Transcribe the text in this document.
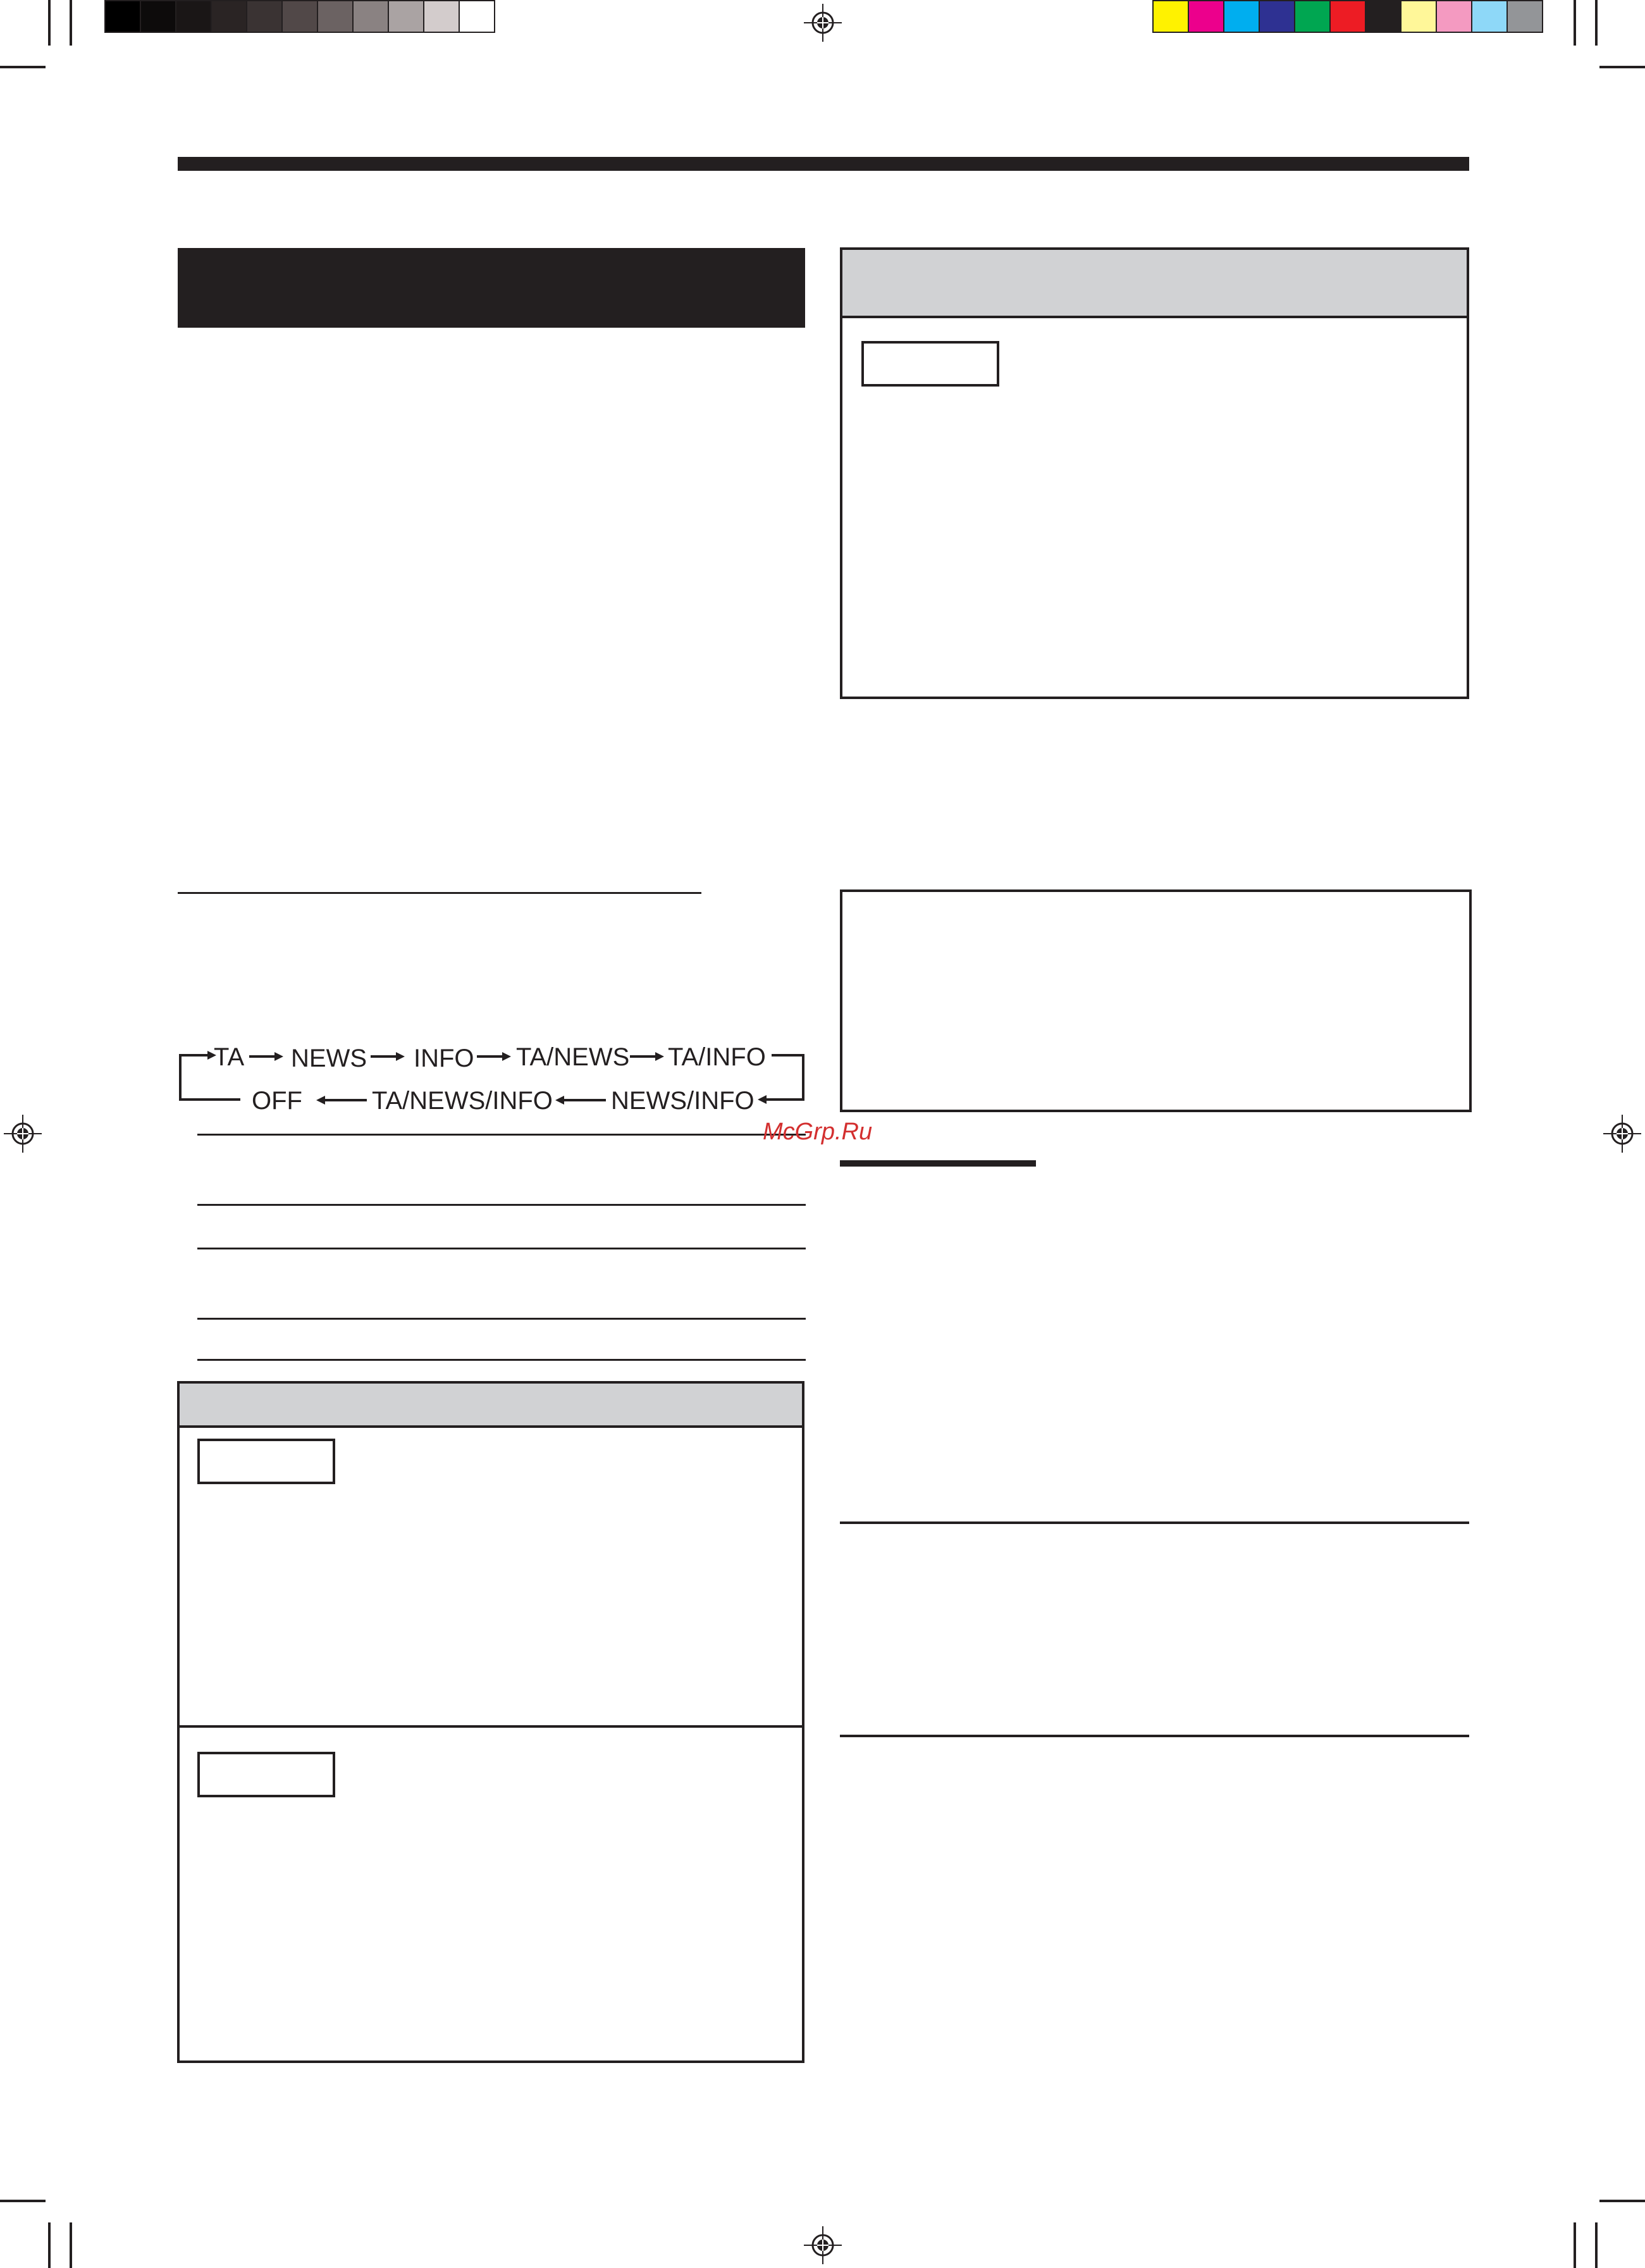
TA NEWS INFO TA/NEWS TA/INFO
OFF	TA/NEWS/INFO NEWS/INFO
McGrp.Ru
